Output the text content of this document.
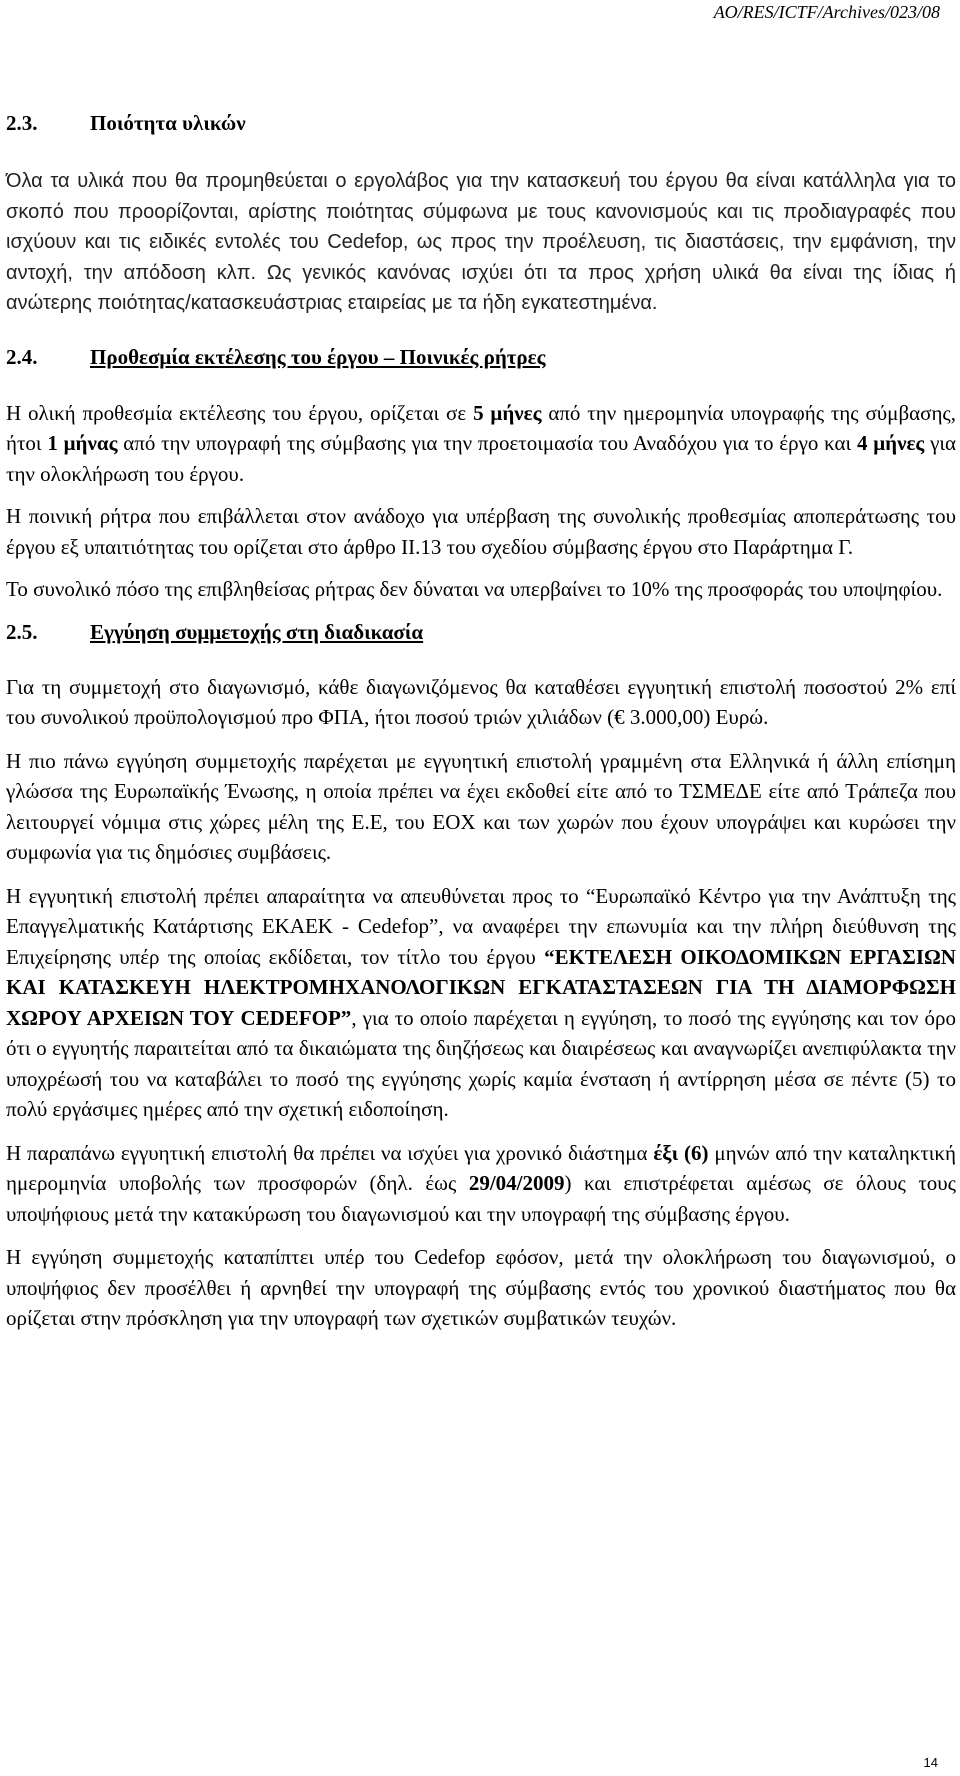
AO/RES/ICTF/Archives/023/08
2.3.	Ποιότητα υλικών

Όλα τα υλικά που θα προμηθεύεται ο εργολάβος για την κατασκευή του έργου θα είναι κατάλληλα για το σκοπό που προορίζονται, αρίστης ποιότητας σύμφωνα με τους κανονισμούς και τις προδιαγραφές που ισχύουν και τις ειδικές εντολές του Cedefop, ως προς την προέλευση, τις διαστάσεις, την εμφάνιση, την αντοχή, την απόδοση κλπ. Ως γενικός κανόνας ισχύει ότι τα προς χρήση υλικά θα είναι της ίδιας ή ανώτερης ποιότητας/κατασκευάστριας εταιρείας με τα ήδη εγκατεστημένα.

2.4.	Προθεσμία εκτέλεσης του έργου – Ποινικές ρήτρες

Η ολική προθεσμία εκτέλεσης του έργου, ορίζεται σε 5 μήνες από την ημερομηνία υπογραφής της σύμβασης, ήτοι 1 μήνας από την υπογραφή της σύμβασης για την προετοιμασία του Αναδόχου για το έργο και 4 μήνες για την ολοκλήρωση του έργου.

Η ποινική ρήτρα που επιβάλλεται στον ανάδοχο για υπέρβαση της συνολικής προθεσμίας αποπεράτωσης του έργου εξ υπαιτιότητας του ορίζεται στο άρθρο ΙΙ.13 του σχεδίου σύμβασης έργου στο Παράρτημα Γ.

Το συνολικό πόσο της επιβληθείσας ρήτρας δεν δύναται να υπερβαίνει το 10% της προσφοράς του υποψηφίου.

2.5.	Εγγύηση συμμετοχής στη διαδικασία

Για τη συμμετοχή στο διαγωνισμό, κάθε διαγωνιζόμενος θα καταθέσει εγγυητική επιστολή ποσοστού 2% επί του συνολικού προϋπολογισμού προ ΦΠΑ, ήτοι ποσού τριών χιλιάδων (€ 3.000,00) Ευρώ.

Η πιο πάνω εγγύηση συμμετοχής παρέχεται με εγγυητική επιστολή γραμμένη στα Ελληνικά ή άλλη επίσημη γλώσσα της Ευρωπαϊκής Ένωσης, η οποία πρέπει να έχει εκδοθεί είτε από το ΤΣΜΕΔΕ είτε από Τράπεζα που λειτουργεί νόμιμα στις χώρες μέλη της Ε.Ε, του ΕΟΧ και των χωρών που έχουν υπογράψει και κυρώσει την συμφωνία για τις δημόσιες συμβάσεις.

Η εγγυητική επιστολή πρέπει απαραίτητα να απευθύνεται προς το “Ευρωπαϊκό Κέντρο για την Ανάπτυξη της Επαγγελματικής Κατάρτισης ΕΚΑΕΚ - Cedefop”, να αναφέρει την επωνυμία και την πλήρη διεύθυνση της Επιχείρησης υπέρ της οποίας εκδίδεται, τον τίτλο του έργου “ΕΚΤΕΛΕΣΗ ΟΙΚΟΔΟΜΙΚΩΝ ΕΡΓΑΣΙΩΝ ΚΑΙ ΚΑΤΑΣΚΕΥΗ ΗΛΕΚΤΡΟΜΗΧΑΝΟΛΟΓΙΚΩΝ ΕΓΚΑΤΑΣΤΑΣΕΩΝ ΓΙΑ ΤΗ ΔΙΑΜΟΡΦΩΣΗ ΧΩΡΟΥ ΑΡΧΕΙΩΝ ΤΟΥ CEDEFOP”, για το οποίο παρέχεται η εγγύηση, το ποσό της εγγύησης και τον όρο ότι ο εγγυητής παραιτείται από τα δικαιώματα της διηζήσεως και διαιρέσεως και αναγνωρίζει ανεπιφύλακτα την υποχρέωσή του να καταβάλει το ποσό της εγγύησης χωρίς καμία ένσταση ή αντίρρηση μέσα σε πέντε (5) το πολύ εργάσιμες ημέρες από την σχετική ειδοποίηση.

Η παραπάνω εγγυητική επιστολή θα πρέπει να ισχύει για χρονικό διάστημα έξι (6) μηνών από την καταληκτική ημερομηνία υποβολής των προσφορών (δηλ. έως 29/04/2009) και επιστρέφεται αμέσως σε όλους τους υποψήφιους μετά την κατακύρωση του διαγωνισμού και την υπογραφή της σύμβασης έργου.

Η εγγύηση συμμετοχής καταπίπτει υπέρ του Cedefop εφόσον, μετά την ολοκλήρωση του διαγωνισμού, ο υποψήφιος δεν προσέλθει ή αρνηθεί την υπογραφή της σύμβασης εντός του χρονικού διαστήματος που θα ορίζεται στην πρόσκληση για την υπογραφή των σχετικών συμβατικών τευχών.

14
